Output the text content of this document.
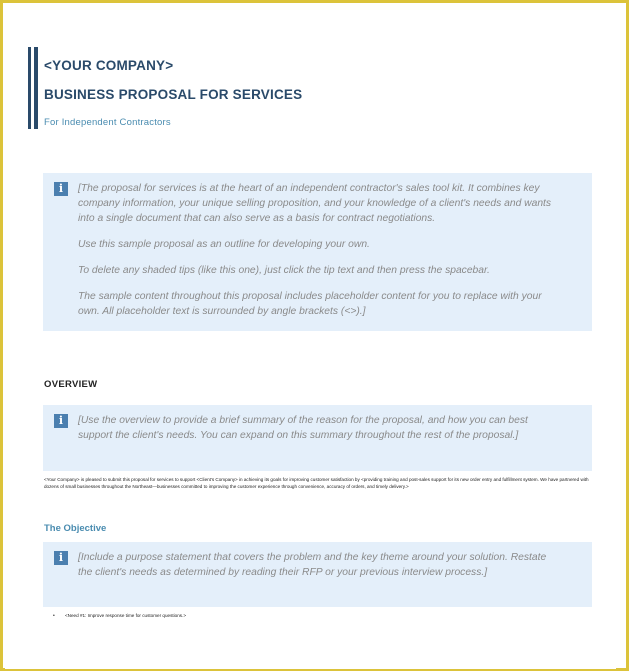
<YOUR COMPANY>
BUSINESS PROPOSAL FOR SERVICES
For Independent Contractors
i	[The proposal for services is at the heart of an independent contractor's sales tool kit. It combines key company information, your unique selling proposition, and your knowledge of a client's needs and wants into a single document that can also serve as a basis for contract negotiations.

Use this sample proposal as an outline for developing your own.

To delete any shaded tips (like this one), just click the tip text and then press the spacebar.

The sample content throughout this proposal includes placeholder content for you to replace with your own. All placeholder text is surrounded by angle brackets (<>).]

OVERVIEW
i	[Use the overview to provide a brief summary of the reason for the proposal, and how you can best support the client's needs. You can expand on this summary throughout the rest of the proposal.]

<Your Company> is pleased to submit this proposal for services to support <Client's Company> in achieving its goals for improving customer satisfaction by <providing training and post-sales support for its new order entry and fulfillment system. We have partnered with dozens of small businesses throughout the Northeast—businesses committed to improving the customer experience through convenience, accuracy of orders, and timely delivery.>
The Objective
i	[Include a purpose statement that covers the problem and the key theme around your solution. Restate the client's needs as determined by reading their RFP or your previous interview process.]

• <Need #1: Improve response time for customer questions.>
